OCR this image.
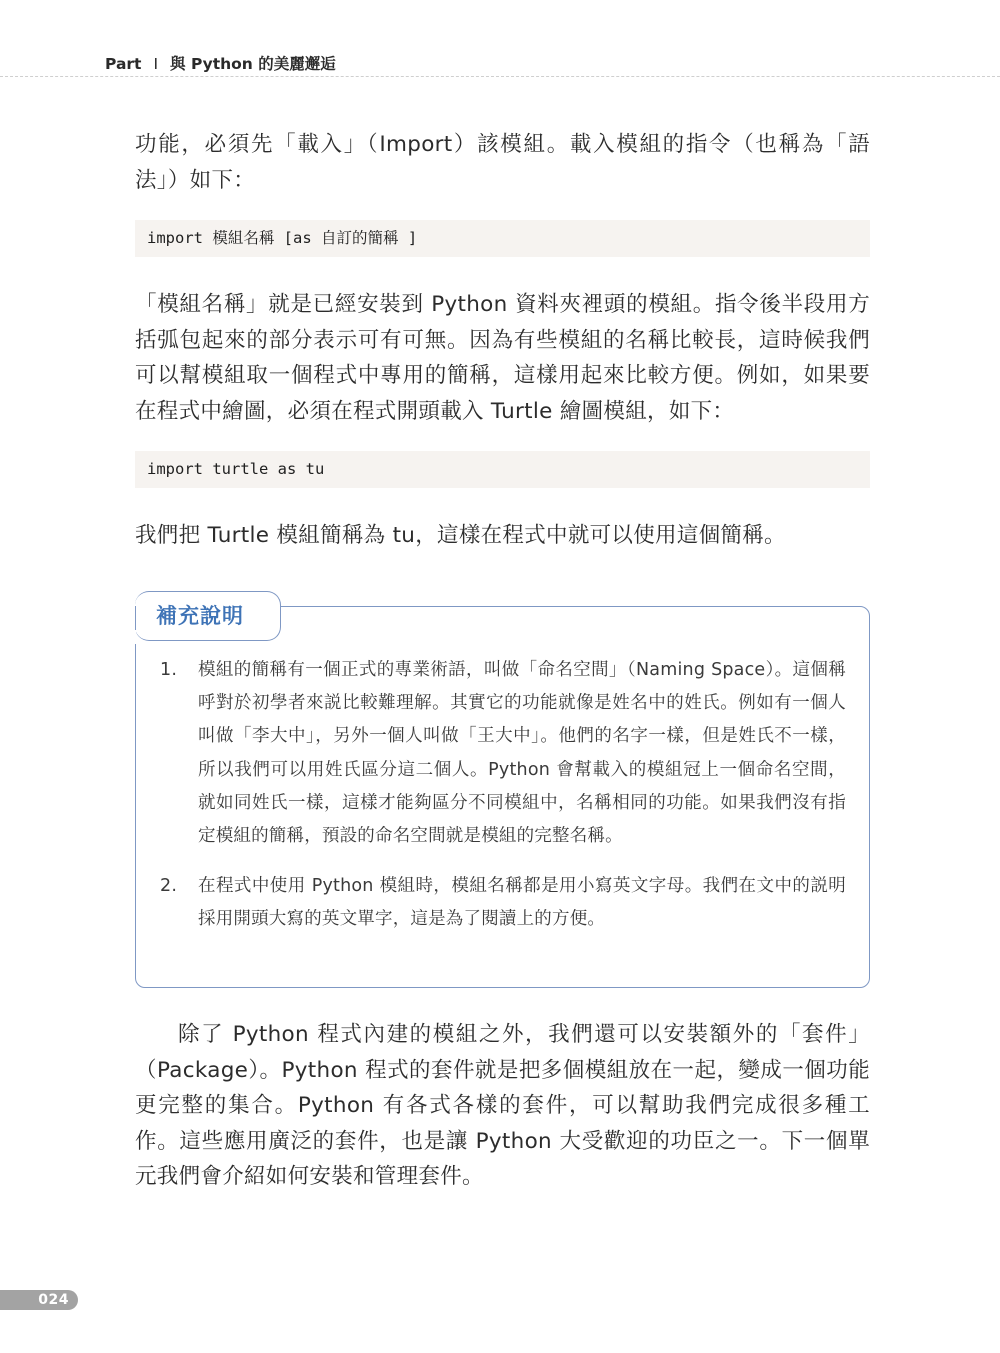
Part I 與 Python 的美麗邂逅

功能，必須先「載入」（Import）該模組。載入模組的指令（也稱為「語法」）如下：

import 模組名稱 [as 自訂的簡稱 ]

「模組名稱」就是已經安裝到 Python 資料夾裡頭的模組。指令後半段用方括弧包起來的部分表示可有可無。因為有些模組的名稱比較長，這時候我們可以幫模組取一個程式中專用的簡稱，這樣用起來比較方便。例如，如果要在程式中繪圖，必須在程式開頭載入 Turtle 繪圖模組，如下：

import turtle as tu

我們把 Turtle 模組簡稱為 tu，這樣在程式中就可以使用這個簡稱。

補充說明
1. 模組的簡稱有一個正式的專業術語，叫做「命名空間」（Naming Space）。這個稱呼對於初學者來説比較難理解。其實它的功能就像是姓名中的姓氏。例如有一個人叫做「李大中」，另外一個人叫做「王大中」。他們的名字一樣，但是姓氏不一樣，所以我們可以用姓氏區分這二個人。Python 會幫載入的模組冠上一個命名空間，就如同姓氏一樣，這樣才能夠區分不同模組中，名稱相同的功能。如果我們沒有指定模組的簡稱，預設的命名空間就是模組的完整名稱。
2. 在程式中使用 Python 模組時，模組名稱都是用小寫英文字母。我們在文中的説明採用開頭大寫的英文單字，這是為了閱讀上的方便。

除了 Python 程式內建的模組之外，我們還可以安裝額外的「套件」（Package）。Python 程式的套件就是把多個模組放在一起，變成一個功能更完整的集合。Python 有各式各樣的套件，可以幫助我們完成很多種工作。這些應用廣泛的套件，也是讓 Python 大受歡迎的功臣之一。下一個單元我們會介紹如何安裝和管理套件。

024
